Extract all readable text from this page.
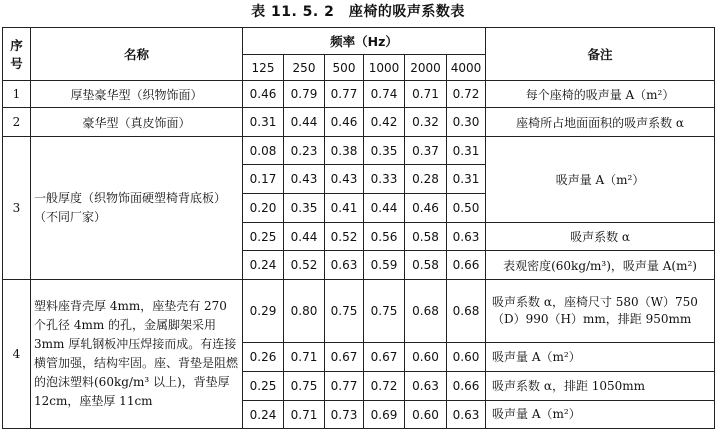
表 11. 5. 2　座椅的吸声系数表
序号	名称	频率（Hz）						备注
		125	250	500	1000	2000	4000	
1	厚垫豪华型（织物饰面）	0.46	0.79	0.77	0.74	0.71	0.72	每个座椅的吸声量 A（m²）
2	豪华型（真皮饰面）	0.31	0.44	0.46	0.42	0.32	0.30	座椅所占地面面积的吸声系数 α
3	一般厚度（织物饰面硬塑椅背底板）（不同厂家）	0.08	0.23	0.38	0.35	0.37	0.31	吸声量 A（m²）
		0.17	0.43	0.43	0.33	0.28	0.31	
		0.20	0.35	0.41	0.44	0.46	0.50	
		0.25	0.44	0.52	0.56	0.58	0.63	吸声系数 α
		0.24	0.52	0.63	0.59	0.58	0.66	表观密度(60kg/m³)，吸声量 A(m²)
4	塑料座背壳厚 4mm，座垫壳有 270 个孔径 4mm 的孔，金属脚架采用 3mm 厚轧钢板冲压焊接而成。有连接横管加强，结构牢固。座、背垫是阻燃的泡沫塑料(60kg/m³ 以上)，背垫厚 12cm，座垫厚 11cm	0.29	0.80	0.75	0.75	0.68	0.68	吸声系数 α，座椅尺寸 580（W）750（D）990（H）mm，排距 950mm
		0.26	0.71	0.67	0.67	0.60	0.60	吸声量 A（m²）
		0.25	0.75	0.77	0.72	0.63	0.66	吸声系数 α，排距 1050mm
		0.24	0.71	0.73	0.69	0.60	0.63	吸声量 A（m²）
